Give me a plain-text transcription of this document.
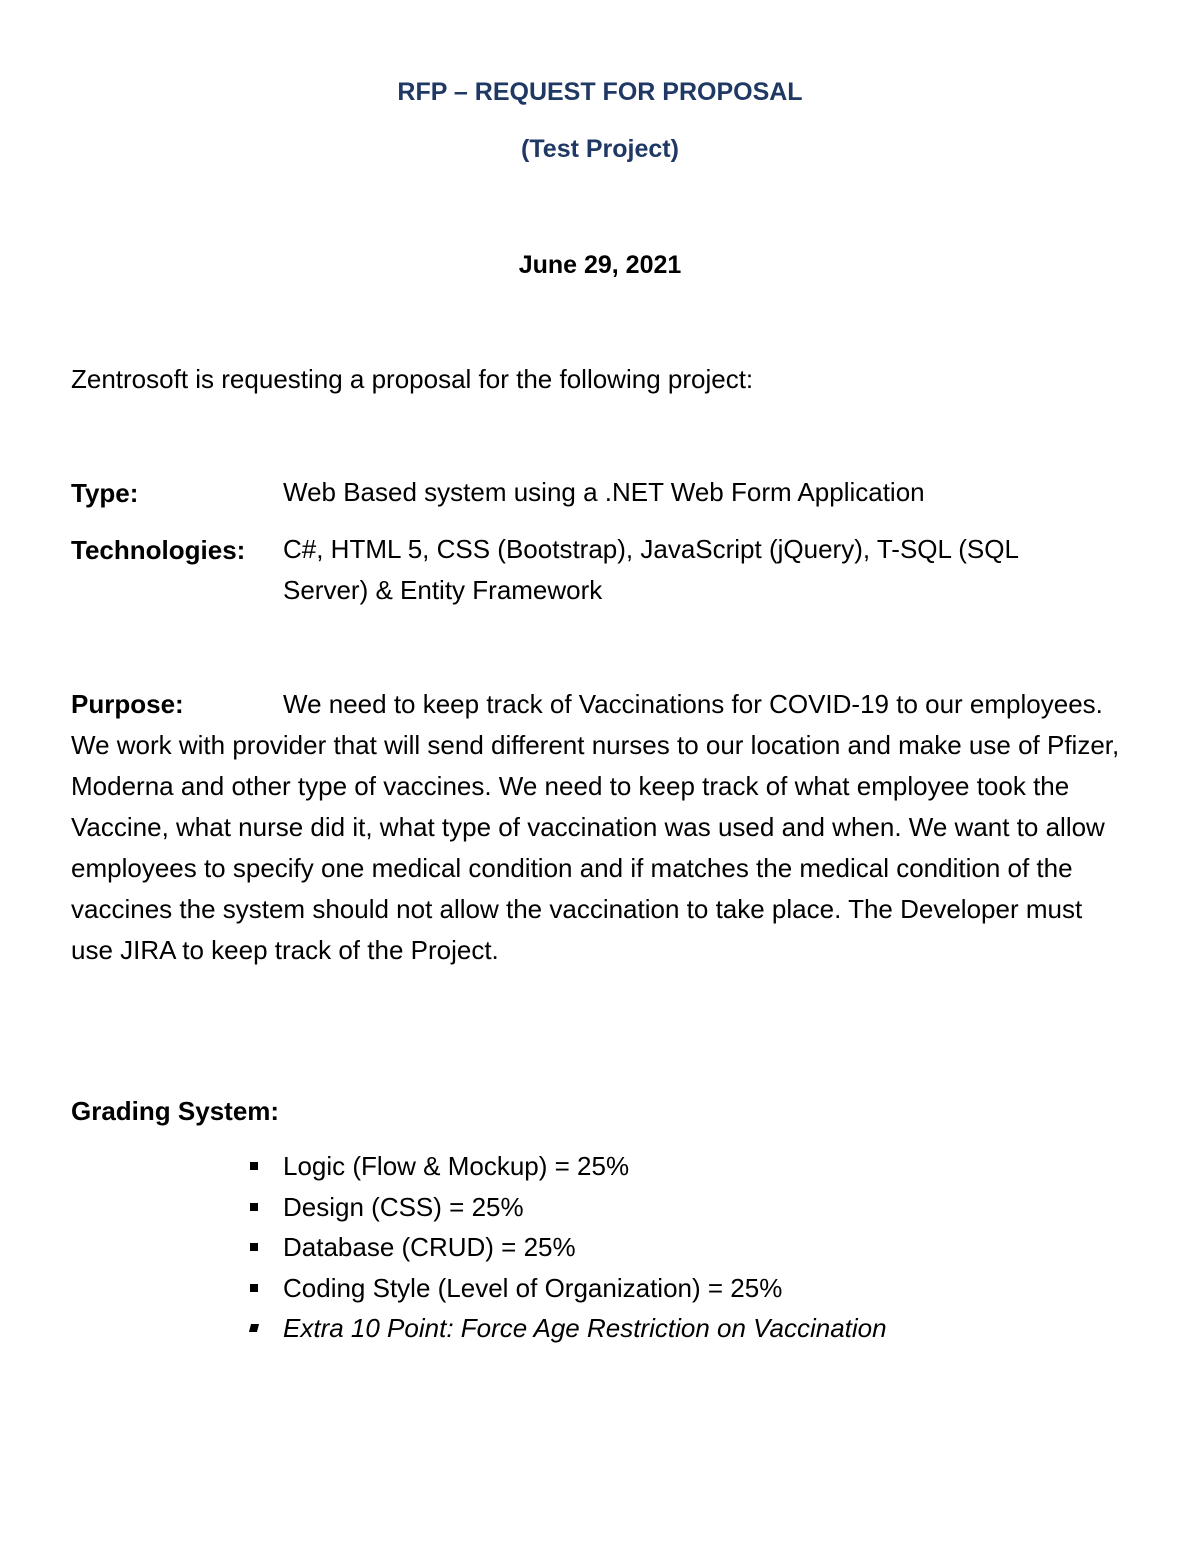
RFP – REQUEST FOR PROPOSAL

(Test Project)

June 29, 2021

Zentrosoft is requesting a proposal for the following project:

Type:	Web Based system using a .NET Web Form Application
Technologies: C#, HTML 5, CSS (Bootstrap), JavaScript (jQuery), T-SQL (SQL
Server) & Entity Framework

Purpose:	We need to keep track of Vaccinations for COVID-19 to our employees. We work with provider that will send different nurses to our location and make use of Pfizer, Moderna and other type of vaccines. We need to keep track of what employee took the Vaccine, what nurse did it, what type of vaccination was used and when. We want to allow employees to specify one medical condition and if matches the medical condition of the vaccines the system should not allow the vaccination to take place. The Developer must use JIRA to keep track of the Project.

Grading System:
Logic (Flow & Mockup) = 25%
Design (CSS) = 25%
Database (CRUD) = 25%
Coding Style (Level of Organization) = 25%
Extra 10 Point: Force Age Restriction on Vaccination
